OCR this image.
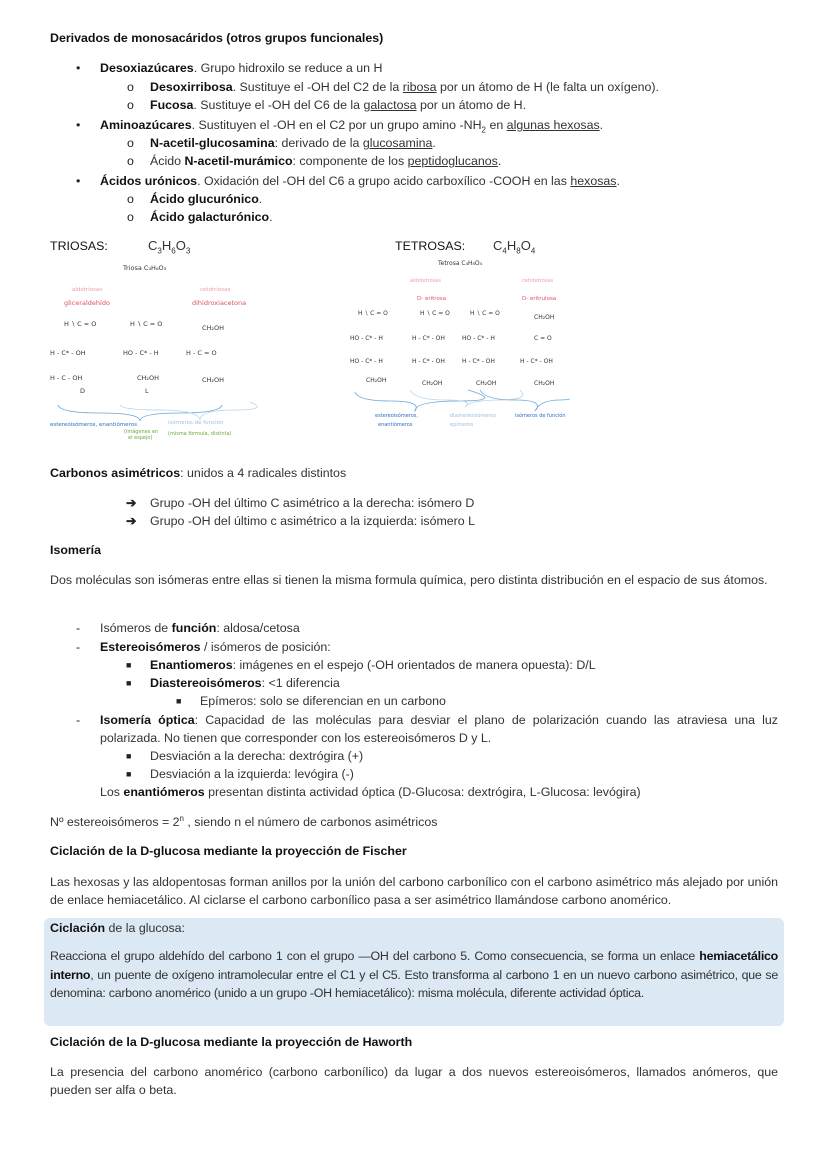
Derivados de monosacáridos (otros grupos funcionales)
• Desoxiazúcares. Grupo hidroxilo se reduce a un H
o Desoxirribosa. Sustituye el -OH del C2 de la ribosa por un átomo de H (le falta un oxígeno).
o Fucosa. Sustituye el -OH del C6 de la galactosa por un átomo de H.
• Aminoazúcares. Sustituyen el -OH en el C2 por un grupo amino $-NH_2$ en algunas hexosas.
o N-acetil-glucosamina: derivado de la glucosamina.
o Ácido N-acetil-murámico: componente de los peptidoglucanos.
• Ácidos urónicos. Oxidación del -OH del C6 a grupo acido carboxílico -COOH en las hexosas.
o Ácido glucurónico.
o Ácido galacturónico.
TRIOSAS:	$C_3H_6O_3$	TETROSAS: $C_4H_8O_4$
Triosa C₃H₆O₃
aldotriosas
gliceraldehído
cetotriosas
dihidroxiacetona
H ∖ C = O
H - C* - OH
H - C - OH
D
H ∖ C = O
HO - C* - H
CH₂OH
L
CH₂OH
H - C = O
CH₂OH
estereoisómeros, enantiómeros
(imágenes en
el espejo)
isómeros de función
(misma fórmula, distinta)
Tetrosa C₄H₈O₄
aldotetrosas
D- eritrosa
cetotetrosas
D- eritrulosa
H ∖ C = O
HO - C* - H
HO - C* - H
CH₂OH
H ∖ C = O
H - C* - OH
H - C* - OH
CH₂OH
H ∖ C = O
HO - C* - H
H - C* - OH
CH₂OH
CH₂OH
C = O
H - C* - OH
CH₂OH
estereoisómeros,
enantiómeros
diastereoisómeros
epímeros
isómeros de función
Carbonos asimétricos: unidos a 4 radicales distintos
➔ Grupo -OH del último C asimétrico a la derecha: isómero D
➔ Grupo -OH del último c asimétrico a la izquierda: isómero L
Isomería
Dos moléculas son isómeras entre ellas si tienen la misma formula química, pero distinta distribución en el espacio de sus átomos.
- Isómeros de función: aldosa/cetosa
- Estereoisómeros / isómeros de posición:
■ Enantiomeros: imágenes en el espejo (-OH orientados de manera opuesta): D/L
■ Diastereoisómeros: <1 diferencia
■ Epímeros: solo se diferencian en un carbono
- Isomería óptica: Capacidad de las moléculas para desviar el plano de polarización cuando las atraviesa una luz polarizada. No tienen que corresponder con los estereoisómeros D y L.
■ Desviación a la derecha: dextrógira (+)
■ Desviación a la izquierda: levógira (-)
Los enantiómeros presentan distinta actividad óptica (D-Glucosa: dextrógira, L-Glucosa: levógira)
Nº estereoisómeros = $2^n$ , siendo n el número de carbonos asimétricos
Ciclación de la D-glucosa mediante la proyección de Fischer
Las hexosas y las aldopentosas forman anillos por la unión del carbono carbonílico con el carbono asimétrico más alejado por unión de enlace hemiacetálico. Al ciclarse el carbono carbonílico pasa a ser asimétrico llamándose carbono anomérico.
Ciclación de la glucosa:
Reacciona el grupo aldehído del carbono 1 con el grupo —OH del carbono 5. Como consecuencia, se forma un enlace hemiacetálico interno, un puente de oxígeno intramolecular entre el C1 y el C5. Esto transforma al carbono 1 en un nuevo carbono asimétrico, que se denomina: carbono anomérico (unido a un grupo -OH hemiacetálico): misma molécula, diferente actividad óptica.
Ciclación de la D-glucosa mediante la proyección de Haworth
La presencia del carbono anomérico (carbono carbonílico) da lugar a dos nuevos estereoisómeros, llamados anómeros, que pueden ser alfa o beta.
